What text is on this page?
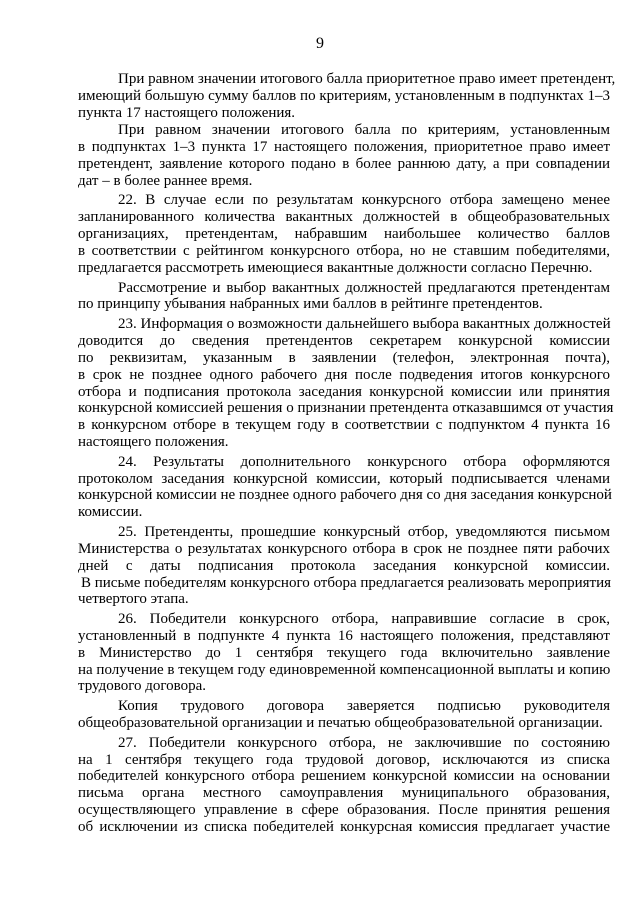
9
При равном значении итогового балла приоритетное право имеет претендент,
имеющий большую сумму баллов по критериям, установленным в подпунктах 1–3
пункта 17 настоящего положения.
При равном значении итогового балла по критериям, установленным
в подпунктах 1–3 пункта 17 настоящего положения, приоритетное право имеет
претендент, заявление которого подано в более раннюю дату, а при совпадении
дат – в более раннее время.
22. В случае если по результатам конкурсного отбора замещено менее
запланированного количества вакантных должностей в общеобразовательных
организациях, претендентам, набравшим наибольшее количество баллов
в соответствии с рейтингом конкурсного отбора, но не ставшим победителями,
предлагается рассмотреть имеющиеся вакантные должности согласно Перечню.
Рассмотрение и выбор вакантных должностей предлагаются претендентам
по принципу убывания набранных ими баллов в рейтинге претендентов.
23. Информация о возможности дальнейшего выбора вакантных должностей
доводится до сведения претендентов секретарем конкурсной комиссии
по реквизитам, указанным в заявлении (телефон, электронная почта),
в срок не позднее одного рабочего дня после подведения итогов конкурсного
отбора и подписания протокола заседания конкурсной комиссии или принятия
конкурсной комиссией решения о признании претендента отказавшимся от участия
в конкурсном отборе в текущем году в соответствии с подпунктом 4 пункта 16
настоящего положения.
24. Результаты дополнительного конкурсного отбора оформляются
протоколом заседания конкурсной комиссии, который подписывается членами
конкурсной комиссии не позднее одного рабочего дня со дня заседания конкурсной
комиссии.
25. Претенденты, прошедшие конкурсный отбор, уведомляются письмом
Министерства о результатах конкурсного отбора в срок не позднее пяти рабочих
дней с даты подписания протокола заседания конкурсной комиссии.
В письме победителям конкурсного отбора предлагается реализовать мероприятия
четвертого этапа.
26. Победители конкурсного отбора, направившие согласие в срок,
установленный в подпункте 4 пункта 16 настоящего положения, представляют
в Министерство до 1 сентября текущего года включительно заявление
на получение в текущем году единовременной компенсационной выплаты и копию
трудового договора.
Копия трудового договора заверяется подписью руководителя
общеобразовательной организации и печатью общеобразовательной организации.
27. Победители конкурсного отбора, не заключившие по состоянию
на 1 сентября текущего года трудовой договор, исключаются из списка
победителей конкурсного отбора решением конкурсной комиссии на основании
письма органа местного самоуправления муниципального образования,
осуществляющего управление в сфере образования. После принятия решения
об исключении из списка победителей конкурсная комиссия предлагает участие
